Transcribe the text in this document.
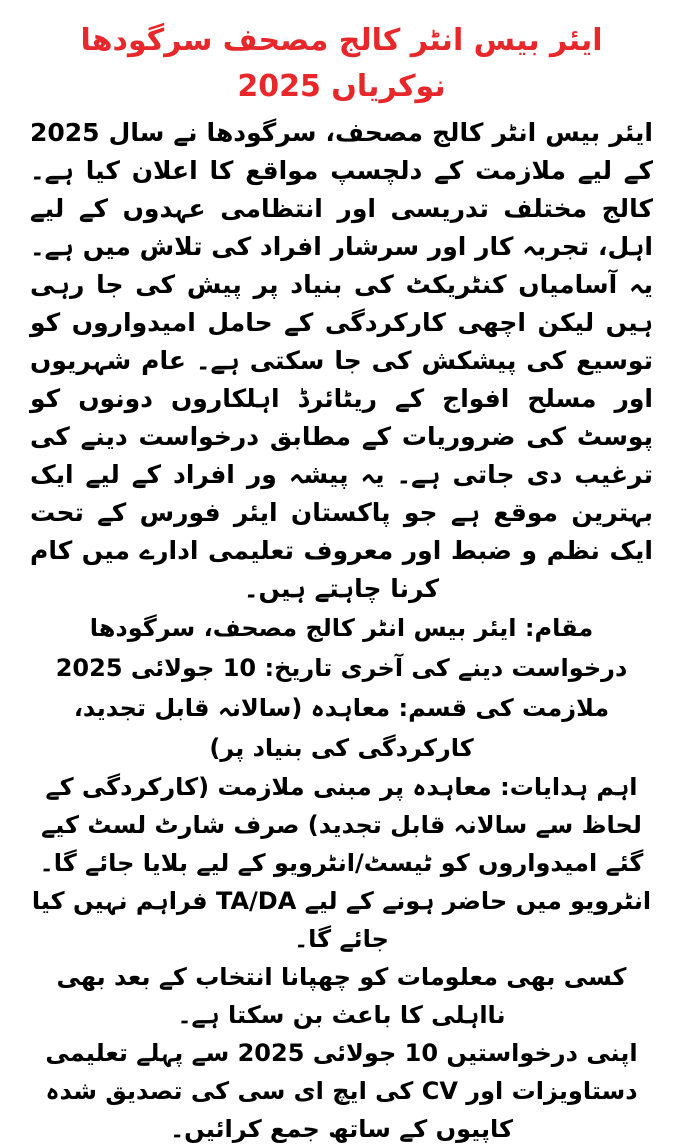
ایئر بیس انٹر کالج مصحف سرگودھا نوکریاں 2025

ایئر بیس انٹر کالج مصحف، سرگودھا نے سال 2025 کے لیے ملازمت کے دلچسپ مواقع کا اعلان کیا ہے۔ کالج مختلف تدریسی اور انتظامی عہدوں کے لیے اہل، تجربہ کار اور سرشار افراد کی تلاش میں ہے۔ یہ آسامیاں کنٹریکٹ کی بنیاد پر پیش کی جا رہی ہیں لیکن اچھی کارکردگی کے حامل امیدواروں کو توسیع کی پیشکش کی جا سکتی ہے۔ عام شہریوں اور مسلح افواج کے ریٹائرڈ اہلکاروں دونوں کو پوسٹ کی ضروریات کے مطابق درخواست دینے کی ترغیب دی جاتی ہے۔ یہ پیشہ ور افراد کے لیے ایک بہترین موقع ہے جو پاکستان ایئر فورس کے تحت ایک نظم و ضبط اور معروف تعلیمی ادارے میں کام کرنا چاہتے ہیں۔

مقام: ایئر بیس انٹر کالج مصحف، سرگودھا

درخواست دینے کی آخری تاریخ: 10 جولائی 2025

ملازمت کی قسم: معاہدہ (سالانہ قابل تجدید، کارکردگی کی بنیاد پر)

اہم ہدایات: معاہدہ پر مبنی ملازمت (کارکردگی کے لحاظ سے سالانہ قابل تجدید) صرف شارٹ لسٹ کیے گئے امیدواروں کو ٹیسٹ/انٹرویو کے لیے بلایا جائے گا۔

انٹرویو میں حاضر ہونے کے لیے TA/DA فراہم نہیں کیا جائے گا۔

کسی بھی معلومات کو چھپانا انتخاب کے بعد بھی نااہلی کا باعث بن سکتا ہے۔

اپنی درخواستیں 10 جولائی 2025 سے پہلے تعلیمی دستاویزات اور CV کی ایچ ای سی کی تصدیق شدہ کاپیوں کے ساتھ جمع کرائیں۔
